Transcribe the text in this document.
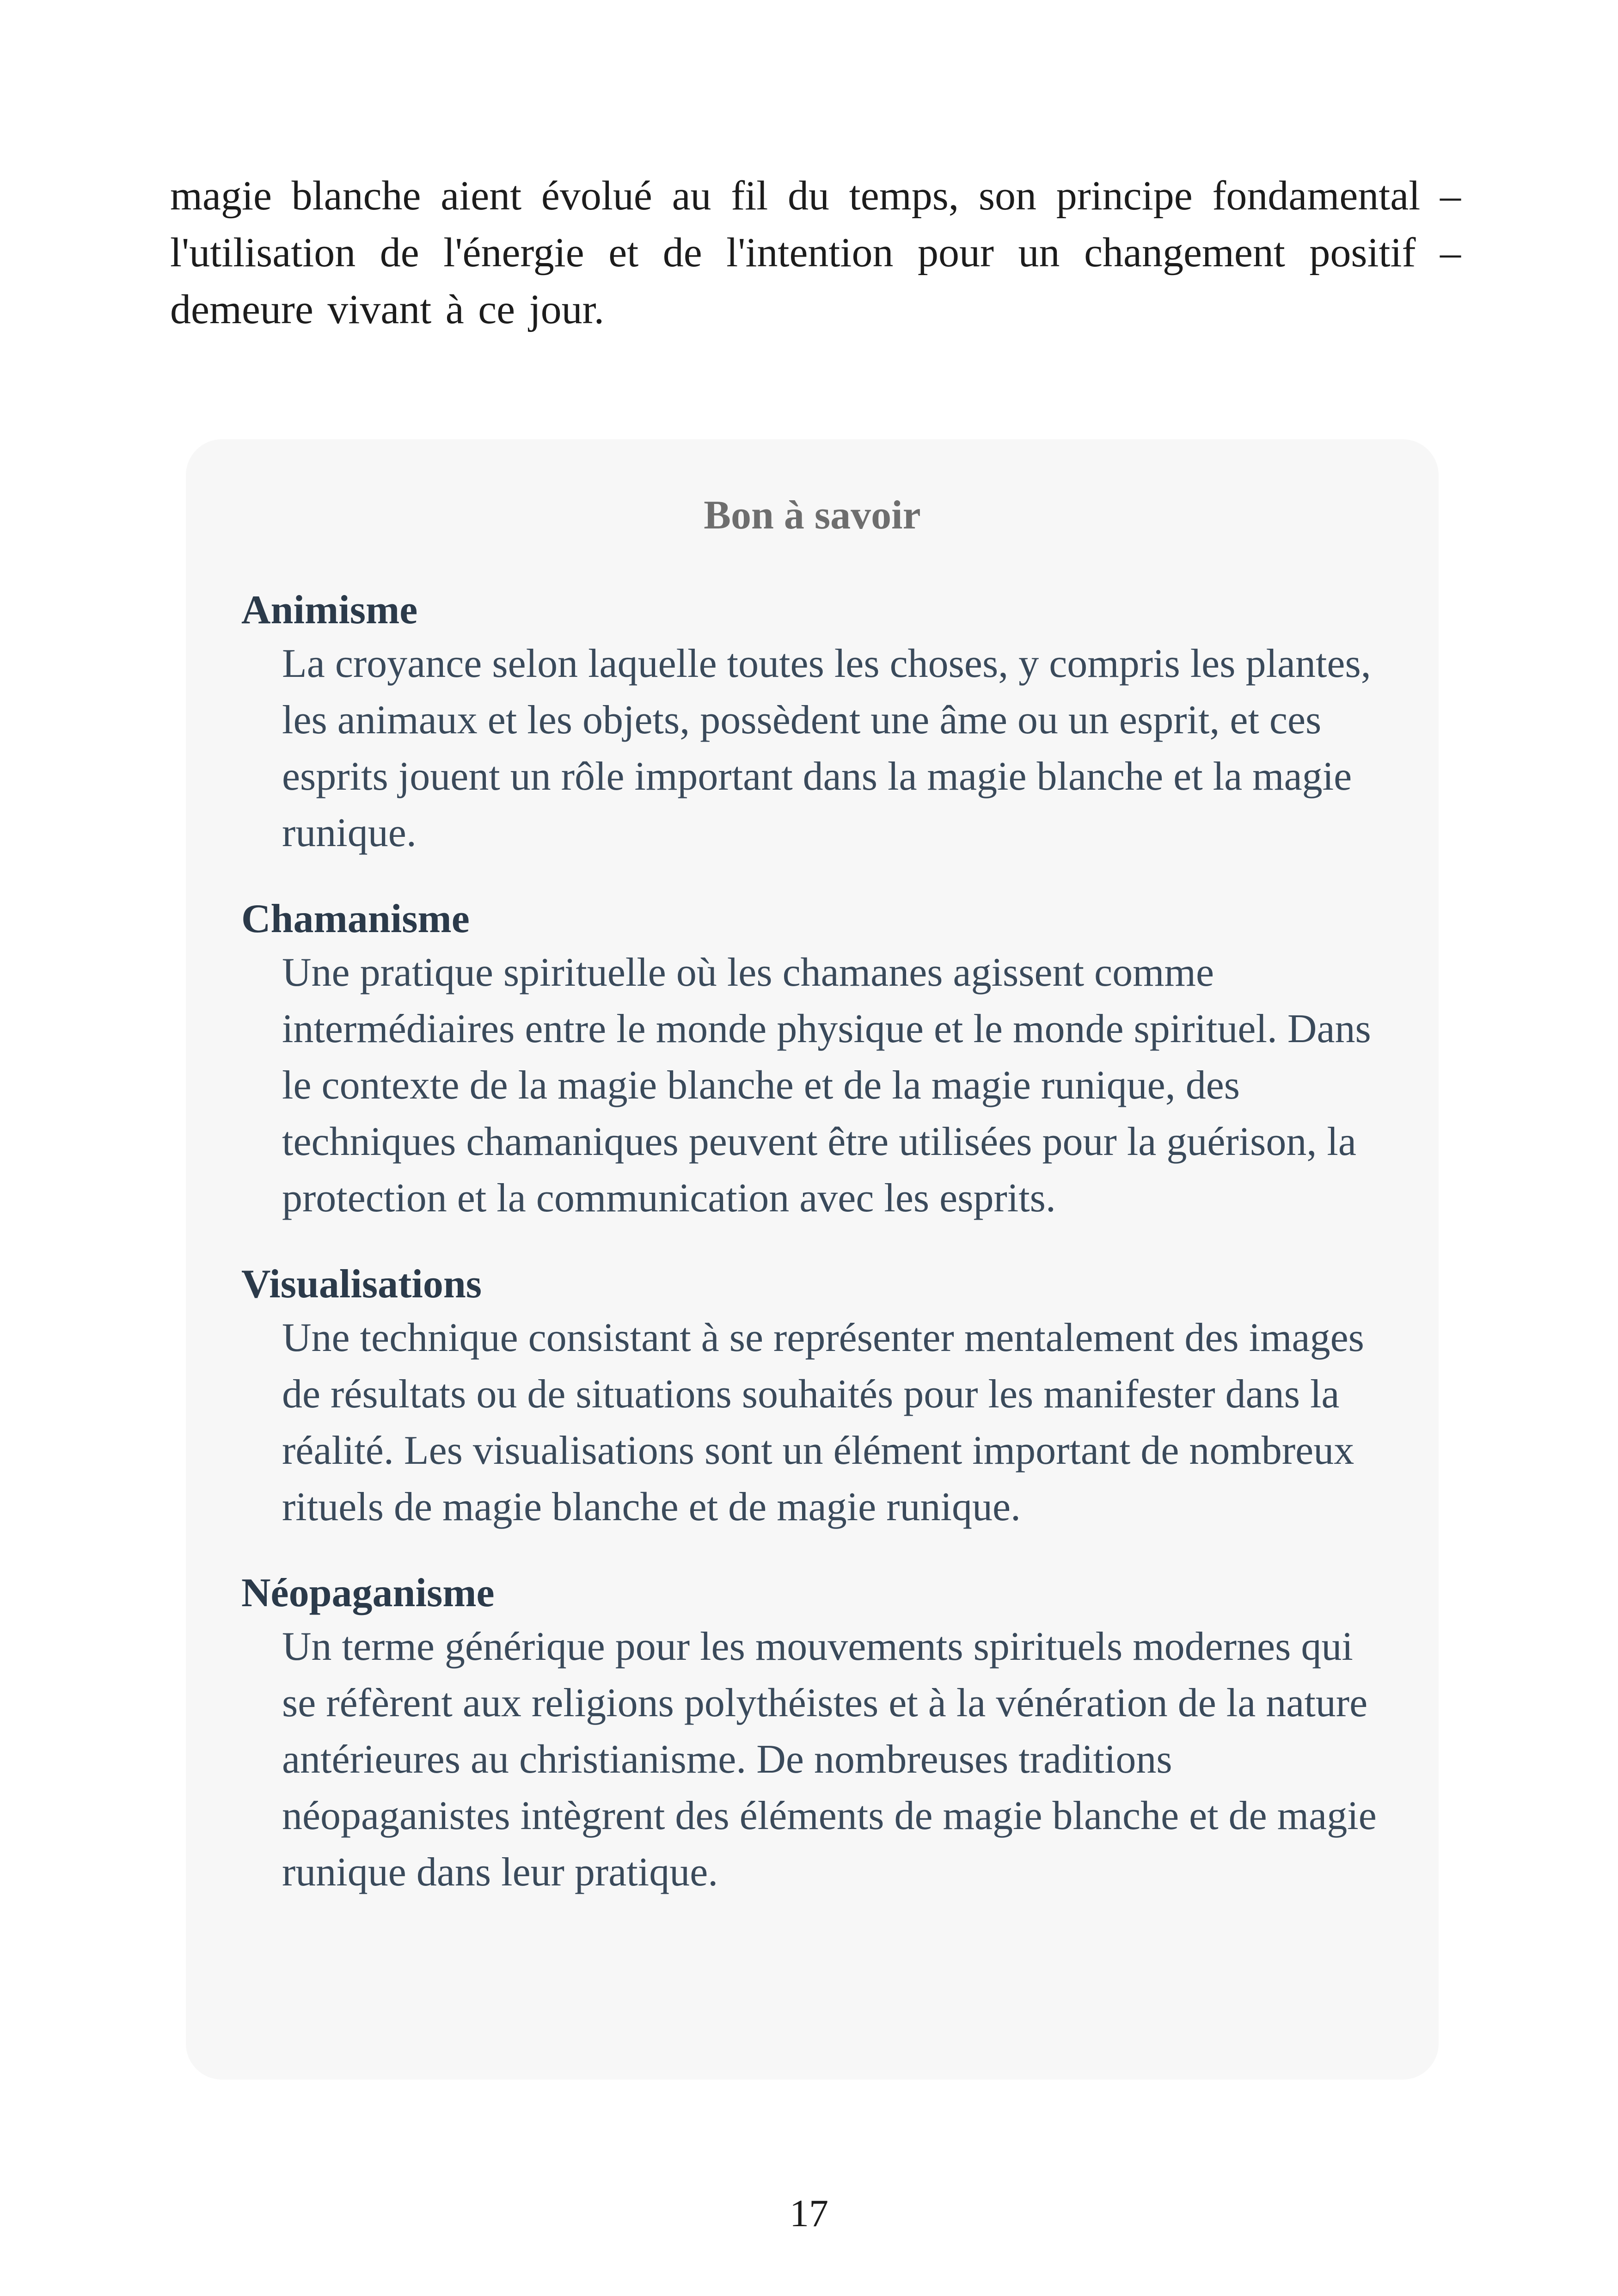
magie blanche aient évolué au fil du temps, son principe fondamental – l'utilisation de l'énergie et de l'intention pour un changement positif – demeure vivant à ce jour.

Bon à savoir
Animisme

La croyance selon laquelle toutes les choses, y compris les plantes, les animaux et les objets, possèdent une âme ou un esprit, et ces esprits jouent un rôle important dans la magie blanche et la magie runique.

Chamanisme

Une pratique spirituelle où les chamanes agissent comme intermédiaires entre le monde physique et le monde spirituel. Dans le contexte de la magie blanche et de la magie runique, des techniques chamaniques peuvent être utilisées pour la guérison, la protection et la communication avec les esprits.

Visualisations

Une technique consistant à se représenter mentalement des images de résultats ou de situations souhaités pour les manifester dans la réalité. Les visualisations sont un élément important de nombreux rituels de magie blanche et de magie runique.

Néopaganisme

Un terme générique pour les mouvements spirituels modernes qui se réfèrent aux religions polythéistes et à la vénération de la nature antérieures au christianisme. De nombreuses traditions néopaganistes intègrent des éléments de magie blanche et de magie runique dans leur pratique.

17
